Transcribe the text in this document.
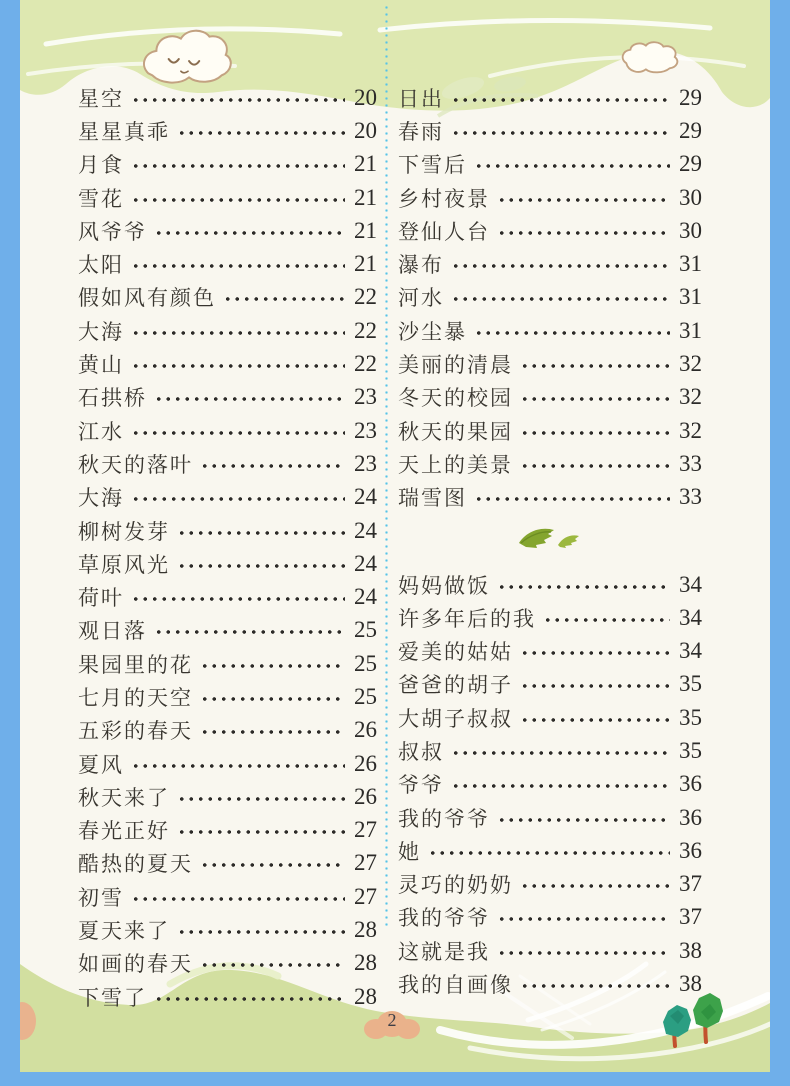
2
星空	20
星星真乖	20
月食	21
雪花	21
风爷爷	21
太阳	21
假如风有颜色	22
大海	22
黄山	22
石拱桥	23
江水	23
秋天的落叶	23
大海	24
柳树发芽	24
草原风光	24
荷叶	24
观日落	25
果园里的花	25
七月的天空	25
五彩的春天	26
夏风	26
秋天来了	26
春光正好	27
酷热的夏天	27
初雪	27
夏天来了	28
如画的春天	28
下雪了	28
日出	29
春雨	29
下雪后	29
乡村夜景	30
登仙人台	30
瀑布	31
河水	31
沙尘暴	31
美丽的清晨	32
冬天的校园	32
秋天的果园	32
天上的美景	33
瑞雪图	33
妈妈做饭	34
许多年后的我	34
爱美的姑姑	34
爸爸的胡子	35
大胡子叔叔	35
叔叔	35
爷爷	36
我的爷爷	36
她	36
灵巧的奶奶	37
我的爷爷	37
这就是我	38
我的自画像	38
